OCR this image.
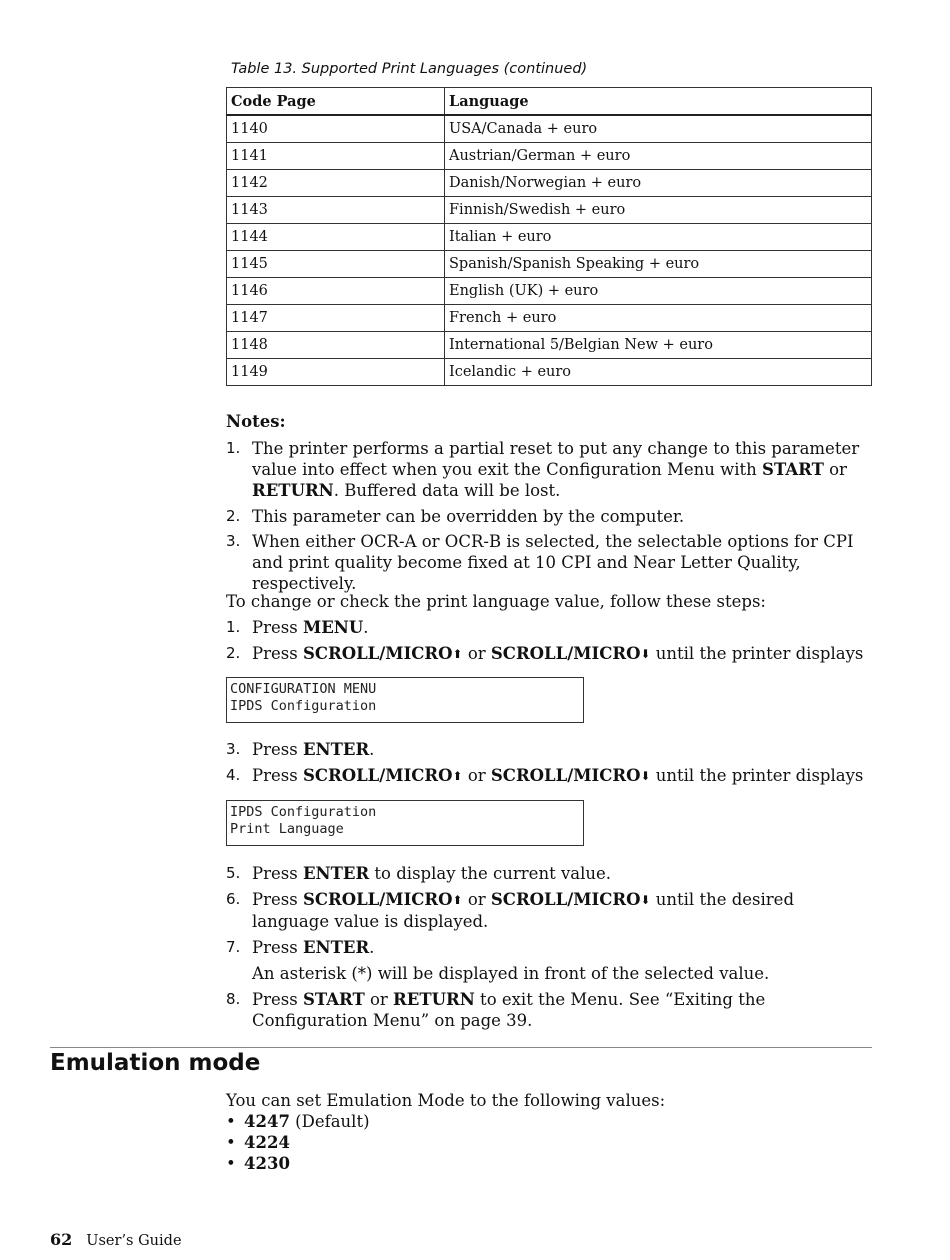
Table 13. Supported Print Languages (continued)
Code Page	Language
1140	USA/Canada + euro
1141	Austrian/German + euro
1142	Danish/Norwegian + euro
1143	Finnish/Swedish + euro
1144	Italian + euro
1145	Spanish/Spanish Speaking + euro
1146	English (UK) + euro
1147	French + euro
1148	International 5/Belgian New + euro
1149	Icelandic + euro
Notes:
1. The printer performs a partial reset to put any change to this parameter value into effect when you exit the Configuration Menu with START or RETURN. Buffered data will be lost.
2. This parameter can be overridden by the computer.
3. When either OCR-A or OCR-B is selected, the selectable options for CPI and print quality become fixed at 10 CPI and Near Letter Quality, respectively.
To change or check the print language value, follow these steps:
1. Press MENU.
2. Press SCROLL/MICRO⬆ or SCROLL/MICRO⬇ until the printer displays
CONFIGURATION MENU
IPDS Configuration
3. Press ENTER.
4. Press SCROLL/MICRO⬆ or SCROLL/MICRO⬇ until the printer displays
IPDS Configuration
Print Language
5. Press ENTER to display the current value.
6. Press SCROLL/MICRO⬆ or SCROLL/MICRO⬇ until the desired language value is displayed.
7. Press ENTER.
An asterisk (*) will be displayed in front of the selected value.
8. Press START or RETURN to exit the Menu. See “Exiting the Configuration Menu” on page 39.
Emulation mode
You can set Emulation Mode to the following values:
• 4247 (Default)
• 4224
• 4230
62 User’s Guide
